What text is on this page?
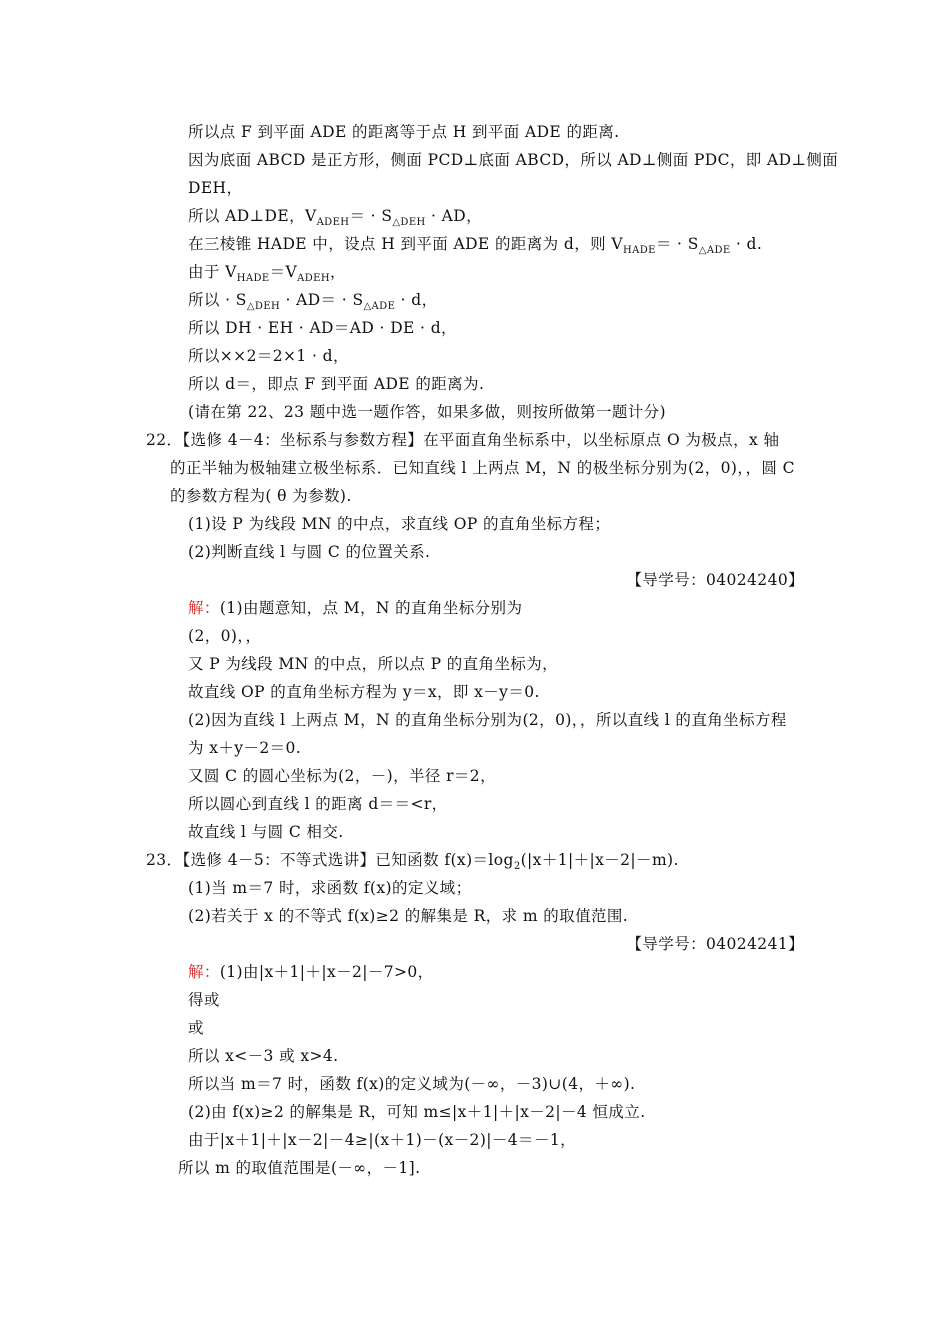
所以点 F 到平面 ADE 的距离等于点 H 到平面 ADE 的距离.
因为底面 ABCD 是正方形，侧面 PCD⊥底面 ABCD，所以 AD⊥侧面 PDC，即 AD⊥侧面
DEH，
所以 AD⊥DE，$V_{ADEH}= \cdot S_{\triangle DEH}$ · AD，
在三棱锥 HADE 中，设点 H 到平面 ADE 的距离为 d，则 $V_{HADE}= \cdot S_{\triangle ADE} \cdot d$.
由于 $V_{HADE}=V_{ADEH}$，
所以 · $S_{\triangle DEH} \cdot AD= \cdot S_{\triangle ADE} \cdot d$，
所以 DH · EH · AD＝AD · DE · d，
所以××2＝2×1 · d，
所以 d＝，即点 F 到平面 ADE 的距离为.
(请在第 22、23 题中选一题作答，如果多做，则按所做第一题计分)
22．【选修 4－4：坐标系与参数方程】在平面直角坐标系中，以坐标原点 O 为极点，x 轴
的正半轴为极轴建立极坐标系．已知直线 l 上两点 M，N 的极坐标分别为(2，0)，，圆 C
的参数方程为( θ 为参数).
(1)设 P 为线段 MN 的中点，求直线 OP 的直角坐标方程；
(2)判断直线 l 与圆 C 的位置关系.
【导学号：04024240】
解：(1)由题意知，点 M，N 的直角坐标分别为
(2，0)，，
又 P 为线段 MN 的中点，所以点 P 的直角坐标为，
故直线 OP 的直角坐标方程为 y＝x，即 x－y＝0.
(2)因为直线 l 上两点 M，N 的直角坐标分别为(2，0)，，所以直线 l 的直角坐标方程
为 x＋y－2＝0.
又圆 C 的圆心坐标为(2，－)，半径 r＝2，
所以圆心到直线 l 的距离 d＝＝<r，
故直线 l 与圆 C 相交.
23．【选修 4－5：不等式选讲】已知函数 $f(x)=\log_2(|x+1|+|x-2|-m)$.
(1)当 m＝7 时，求函数 f(x)的定义域；
(2)若关于 x 的不等式 f(x)≥2 的解集是 R，求 m 的取值范围.
【导学号：04024241】
解：(1)由|x＋1|＋|x－2|－7>0，
得或
或
所以 x<－3 或 x>4.
所以当 m＝7 时，函数 f(x)的定义域为(－∞，－3)∪(4，＋∞).
(2)由 f(x)≥2 的解集是 R，可知 m≤|x＋1|＋|x－2|－4 恒成立.
由于|x＋1|＋|x－2|－4≥|(x＋1)－(x－2)|－4＝－1，
所以 m 的取值范围是(－∞，－1].
